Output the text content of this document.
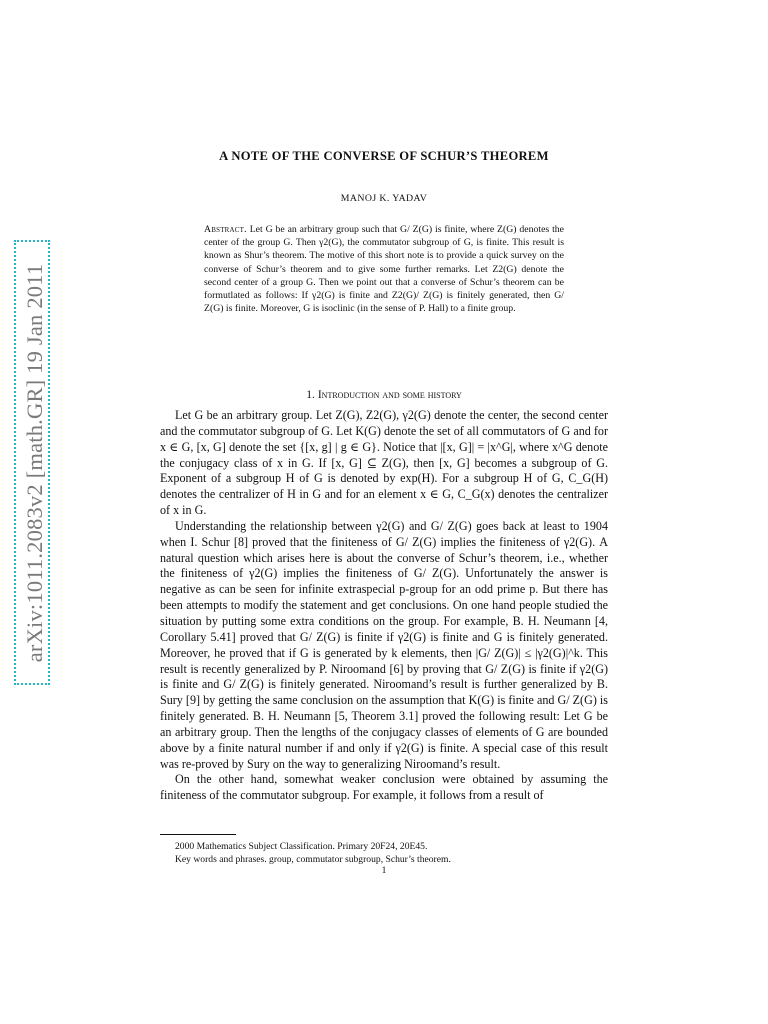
arXiv:1011.2083v2 [math.GR] 19 Jan 2011
A NOTE OF THE CONVERSE OF SCHUR’S THEOREM
MANOJ K. YADAV
Abstract. Let G be an arbitrary group such that G/ Z(G) is finite, where Z(G) denotes the center of the group G. Then γ2(G), the commutator subgroup of G, is finite. This result is known as Shur’s theorem. The motive of this short note is to provide a quick survey on the converse of Schur’s theorem and to give some further remarks. Let Z2(G) denote the second center of a group G. Then we point out that a converse of Schur’s theorem can be formutlated as follows: If γ2(G) is finite and Z2(G)/ Z(G) is finitely generated, then G/ Z(G) is finite. Moreover, G is isoclinic (in the sense of P. Hall) to a finite group.
1. Introduction and some history

Let G be an arbitrary group. Let Z(G), Z2(G), γ2(G) denote the center, the second center and the commutator subgroup of G. Let K(G) denote the set of all commutators of G and for x ∈ G, [x, G] denote the set {[x, g] | g ∈ G}. Notice that |[x, G]| = |x^G|, where x^G denote the conjugacy class of x in G. If [x, G] ⊆ Z(G), then [x, G] becomes a subgroup of G. Exponent of a subgroup H of G is denoted by exp(H). For a subgroup H of G, C_G(H) denotes the centralizer of H in G and for an element x ∈ G, C_G(x) denotes the centralizer of x in G.

Understanding the relationship between γ2(G) and G/ Z(G) goes back at least to 1904 when I. Schur [8] proved that the finiteness of G/ Z(G) implies the finiteness of γ2(G). A natural question which arises here is about the converse of Schur’s theorem, i.e., whether the finiteness of γ2(G) implies the finiteness of G/ Z(G). Unfortunately the answer is negative as can be seen for infinite extraspecial p-group for an odd prime p. But there has been attempts to modify the statement and get conclusions. On one hand people studied the situation by putting some extra conditions on the group. For example, B. H. Neumann [4, Corollary 5.41] proved that G/ Z(G) is finite if γ2(G) is finite and G is finitely generated. Moreover, he proved that if G is generated by k elements, then |G/ Z(G)| ≤ |γ2(G)|^k. This result is recently generalized by P. Niroomand [6] by proving that G/ Z(G) is finite if γ2(G) is finite and G/ Z(G) is finitely generated. Niroomand’s result is further generalized by B. Sury [9] by getting the same conclusion on the assumption that K(G) is finite and G/ Z(G) is finitely generated. B. H. Neumann [5, Theorem 3.1] proved the following result: Let G be an arbitrary group. Then the lengths of the conjugacy classes of elements of G are bounded above by a finite natural number if and only if γ2(G) is finite. A special case of this result was re-proved by Sury on the way to generalizing Niroomand’s result.

On the other hand, somewhat weaker conclusion were obtained by assuming the finiteness of the commutator subgroup. For example, it follows from a result of

2000 Mathematics Subject Classification. Primary 20F24, 20E45.
Key words and phrases. group, commutator subgroup, Schur’s theorem.
1
